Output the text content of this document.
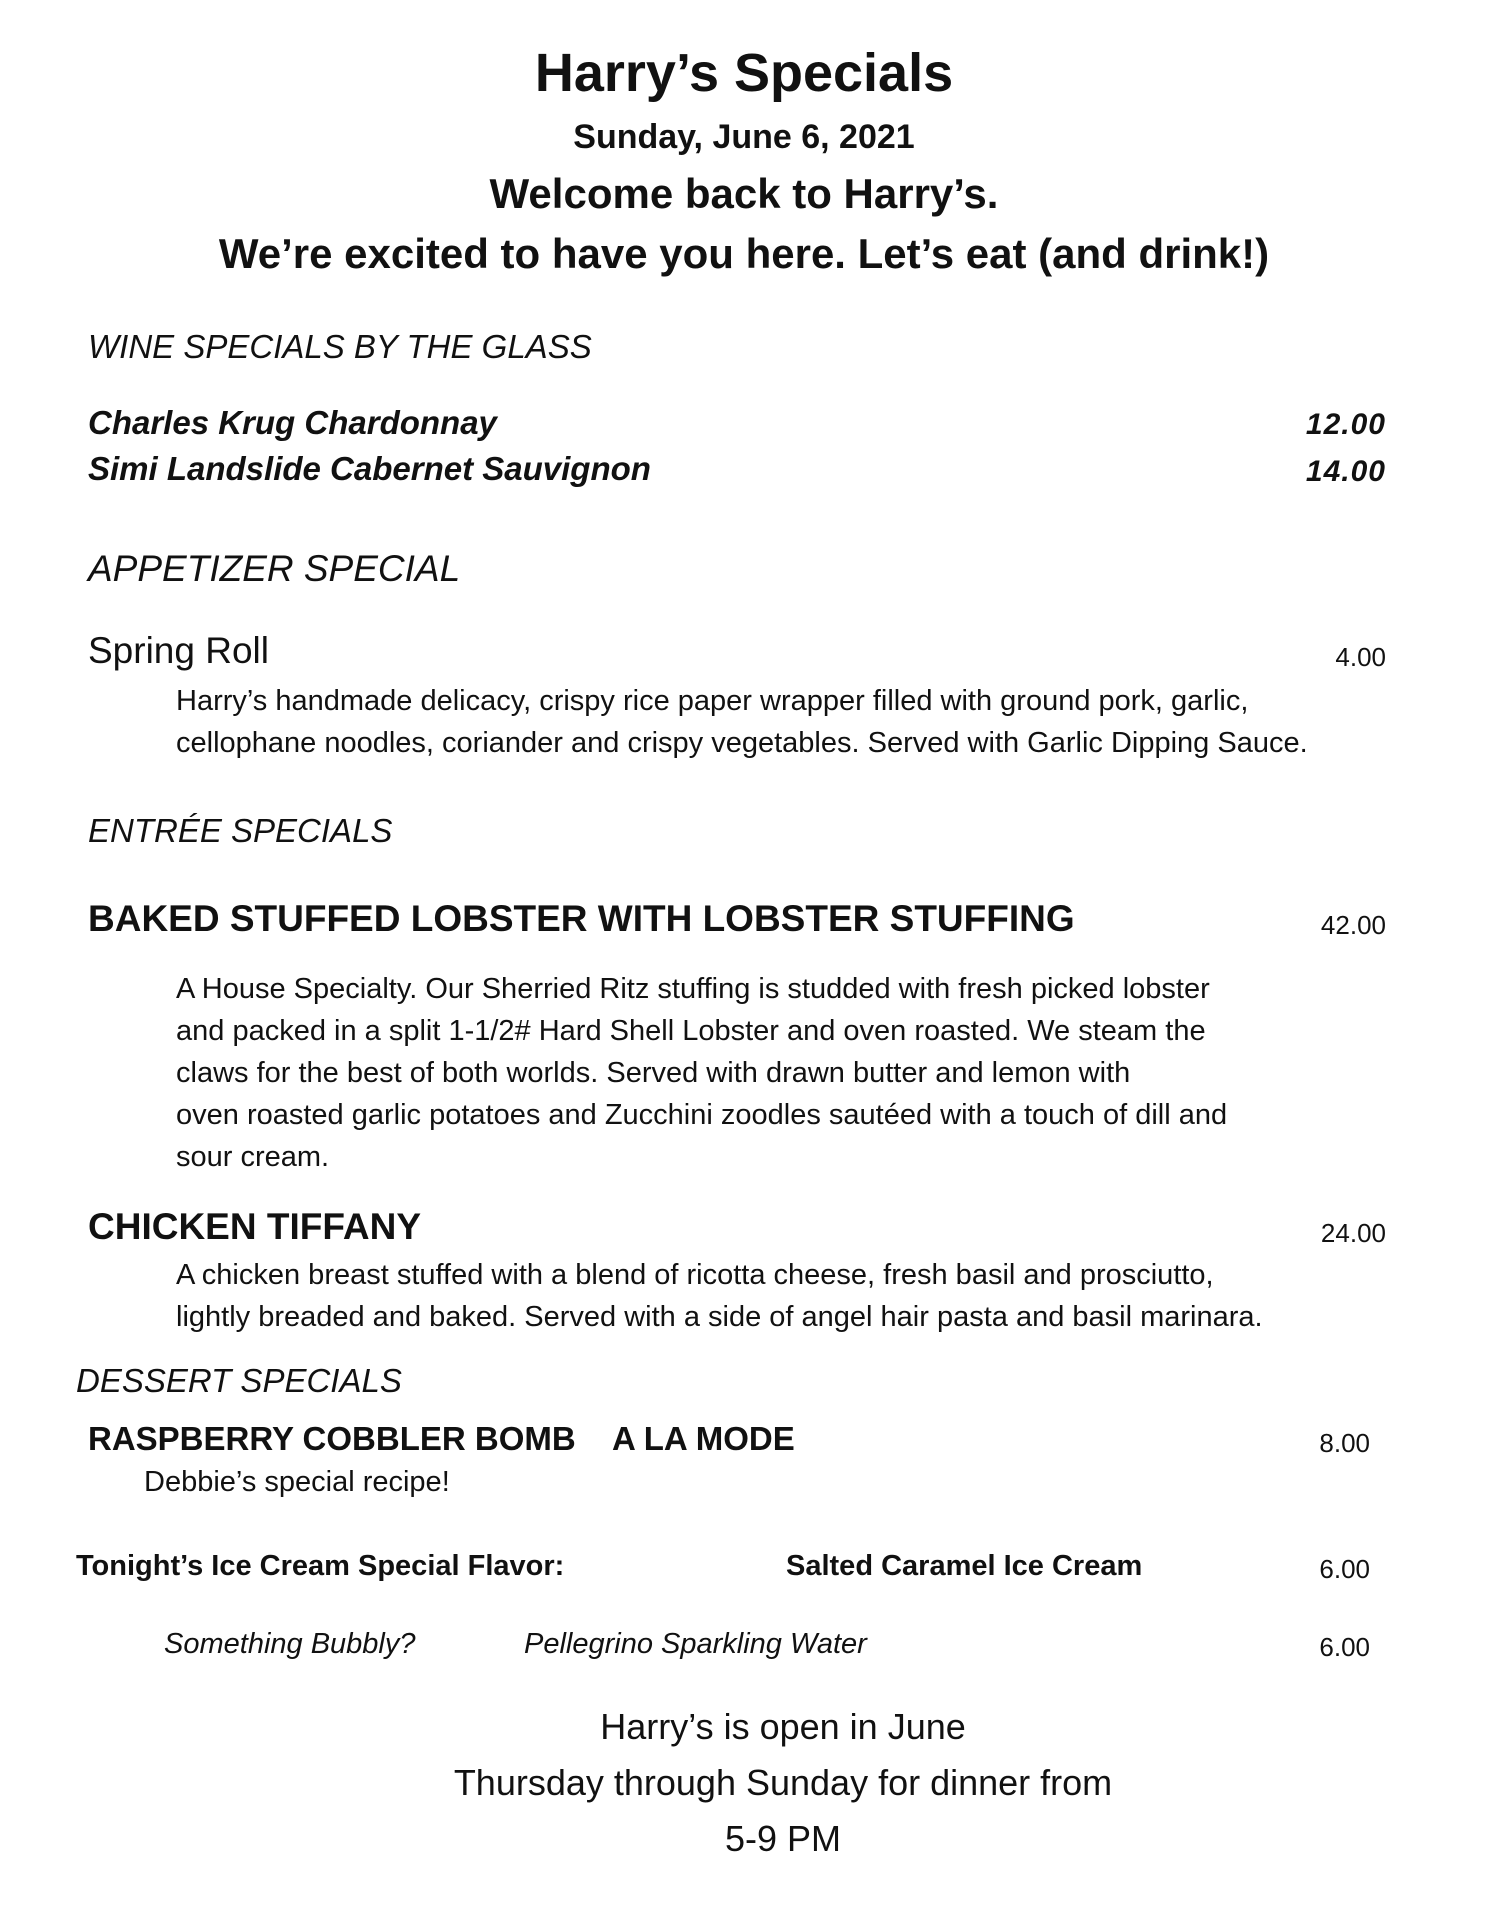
Harry’s Specials
Sunday, June 6, 2021
Welcome back to Harry’s.
We’re excited to have you here. Let’s eat (and drink!)
WINE SPECIALS BY THE GLASS
Charles Krug Chardonnay	12.00
Simi Landslide Cabernet Sauvignon	14.00
APPETIZER SPECIAL
Spring Roll	4.00
Harry’s handmade delicacy, crispy rice paper wrapper filled with ground pork, garlic,
cellophane noodles, coriander and crispy vegetables. Served with Garlic Dipping Sauce.
ENTRÉE SPECIALS
BAKED STUFFED LOBSTER WITH LOBSTER STUFFING	42.00
A House Specialty. Our Sherried Ritz stuffing is studded with fresh picked lobster
and packed in a split 1-1/2# Hard Shell Lobster and oven roasted. We steam the
claws for the best of both worlds. Served with drawn butter and lemon with
oven roasted garlic potatoes and Zucchini zoodles sautéed with a touch of dill and
sour cream.
CHICKEN TIFFANY	24.00
A chicken breast stuffed with a blend of ricotta cheese, fresh basil and prosciutto,
lightly breaded and baked. Served with a side of angel hair pasta and basil marinara.
DESSERT SPECIALS
RASPBERRY COBBLER BOMB A LA MODE	8.00
Debbie’s special recipe!
Tonight’s Ice Cream Special Flavor:	Salted Caramel Ice Cream	6.00
Something Bubbly?	Pellegrino Sparkling Water	6.00
Harry’s is open in June
Thursday through Sunday for dinner from
5-9 PM
